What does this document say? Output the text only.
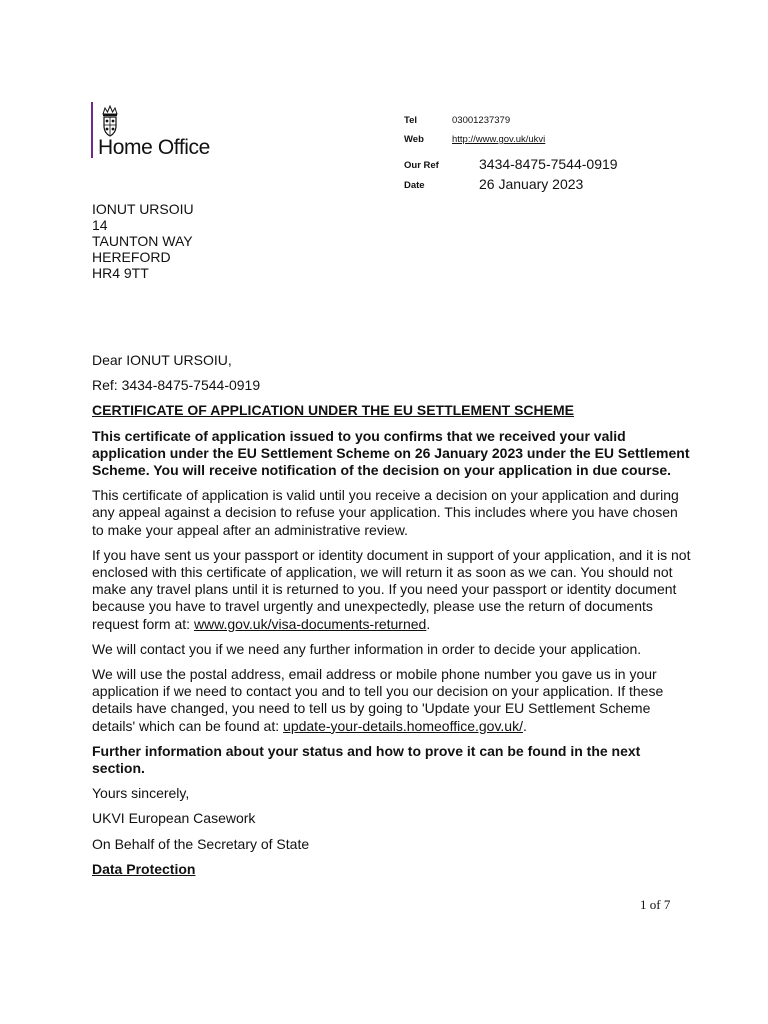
Home Office
Tel	03001237379
Web	http://www.gov.uk/ukvi
Our Ref	3434-8475-7544-0919
Date	26 January 2023
IONUT URSOIU
14
TAUNTON WAY
HEREFORD
HR4 9TT

Dear IONUT URSOIU,

Ref: 3434-8475-7544-0919

CERTIFICATE OF APPLICATION UNDER THE EU SETTLEMENT SCHEME

This certificate of application issued to you confirms that we received your valid application under the EU Settlement Scheme on 26 January 2023 under the EU Settlement Scheme. You will receive notification of the decision on your application in due course.

This certificate of application is valid until you receive a decision on your application and during any appeal against a decision to refuse your application. This includes where you have chosen to make your appeal after an administrative review.

If you have sent us your passport or identity document in support of your application, and it is not enclosed with this certificate of application, we will return it as soon as we can. You should not make any travel plans until it is returned to you. If you need your passport or identity document because you have to travel urgently and unexpectedly, please use the return of documents request form at: www.gov.uk/visa-documents-returned.

We will contact you if we need any further information in order to decide your application.

We will use the postal address, email address or mobile phone number you gave us in your application if we need to contact you and to tell you our decision on your application. If these details have changed, you need to tell us by going to 'Update your EU Settlement Scheme details' which can be found at: update-your-details.homeoffice.gov.uk/.

Further information about your status and how to prove it can be found in the next section.

Yours sincerely,

UKVI European Casework

On Behalf of the Secretary of State

Data Protection

1 of 7
